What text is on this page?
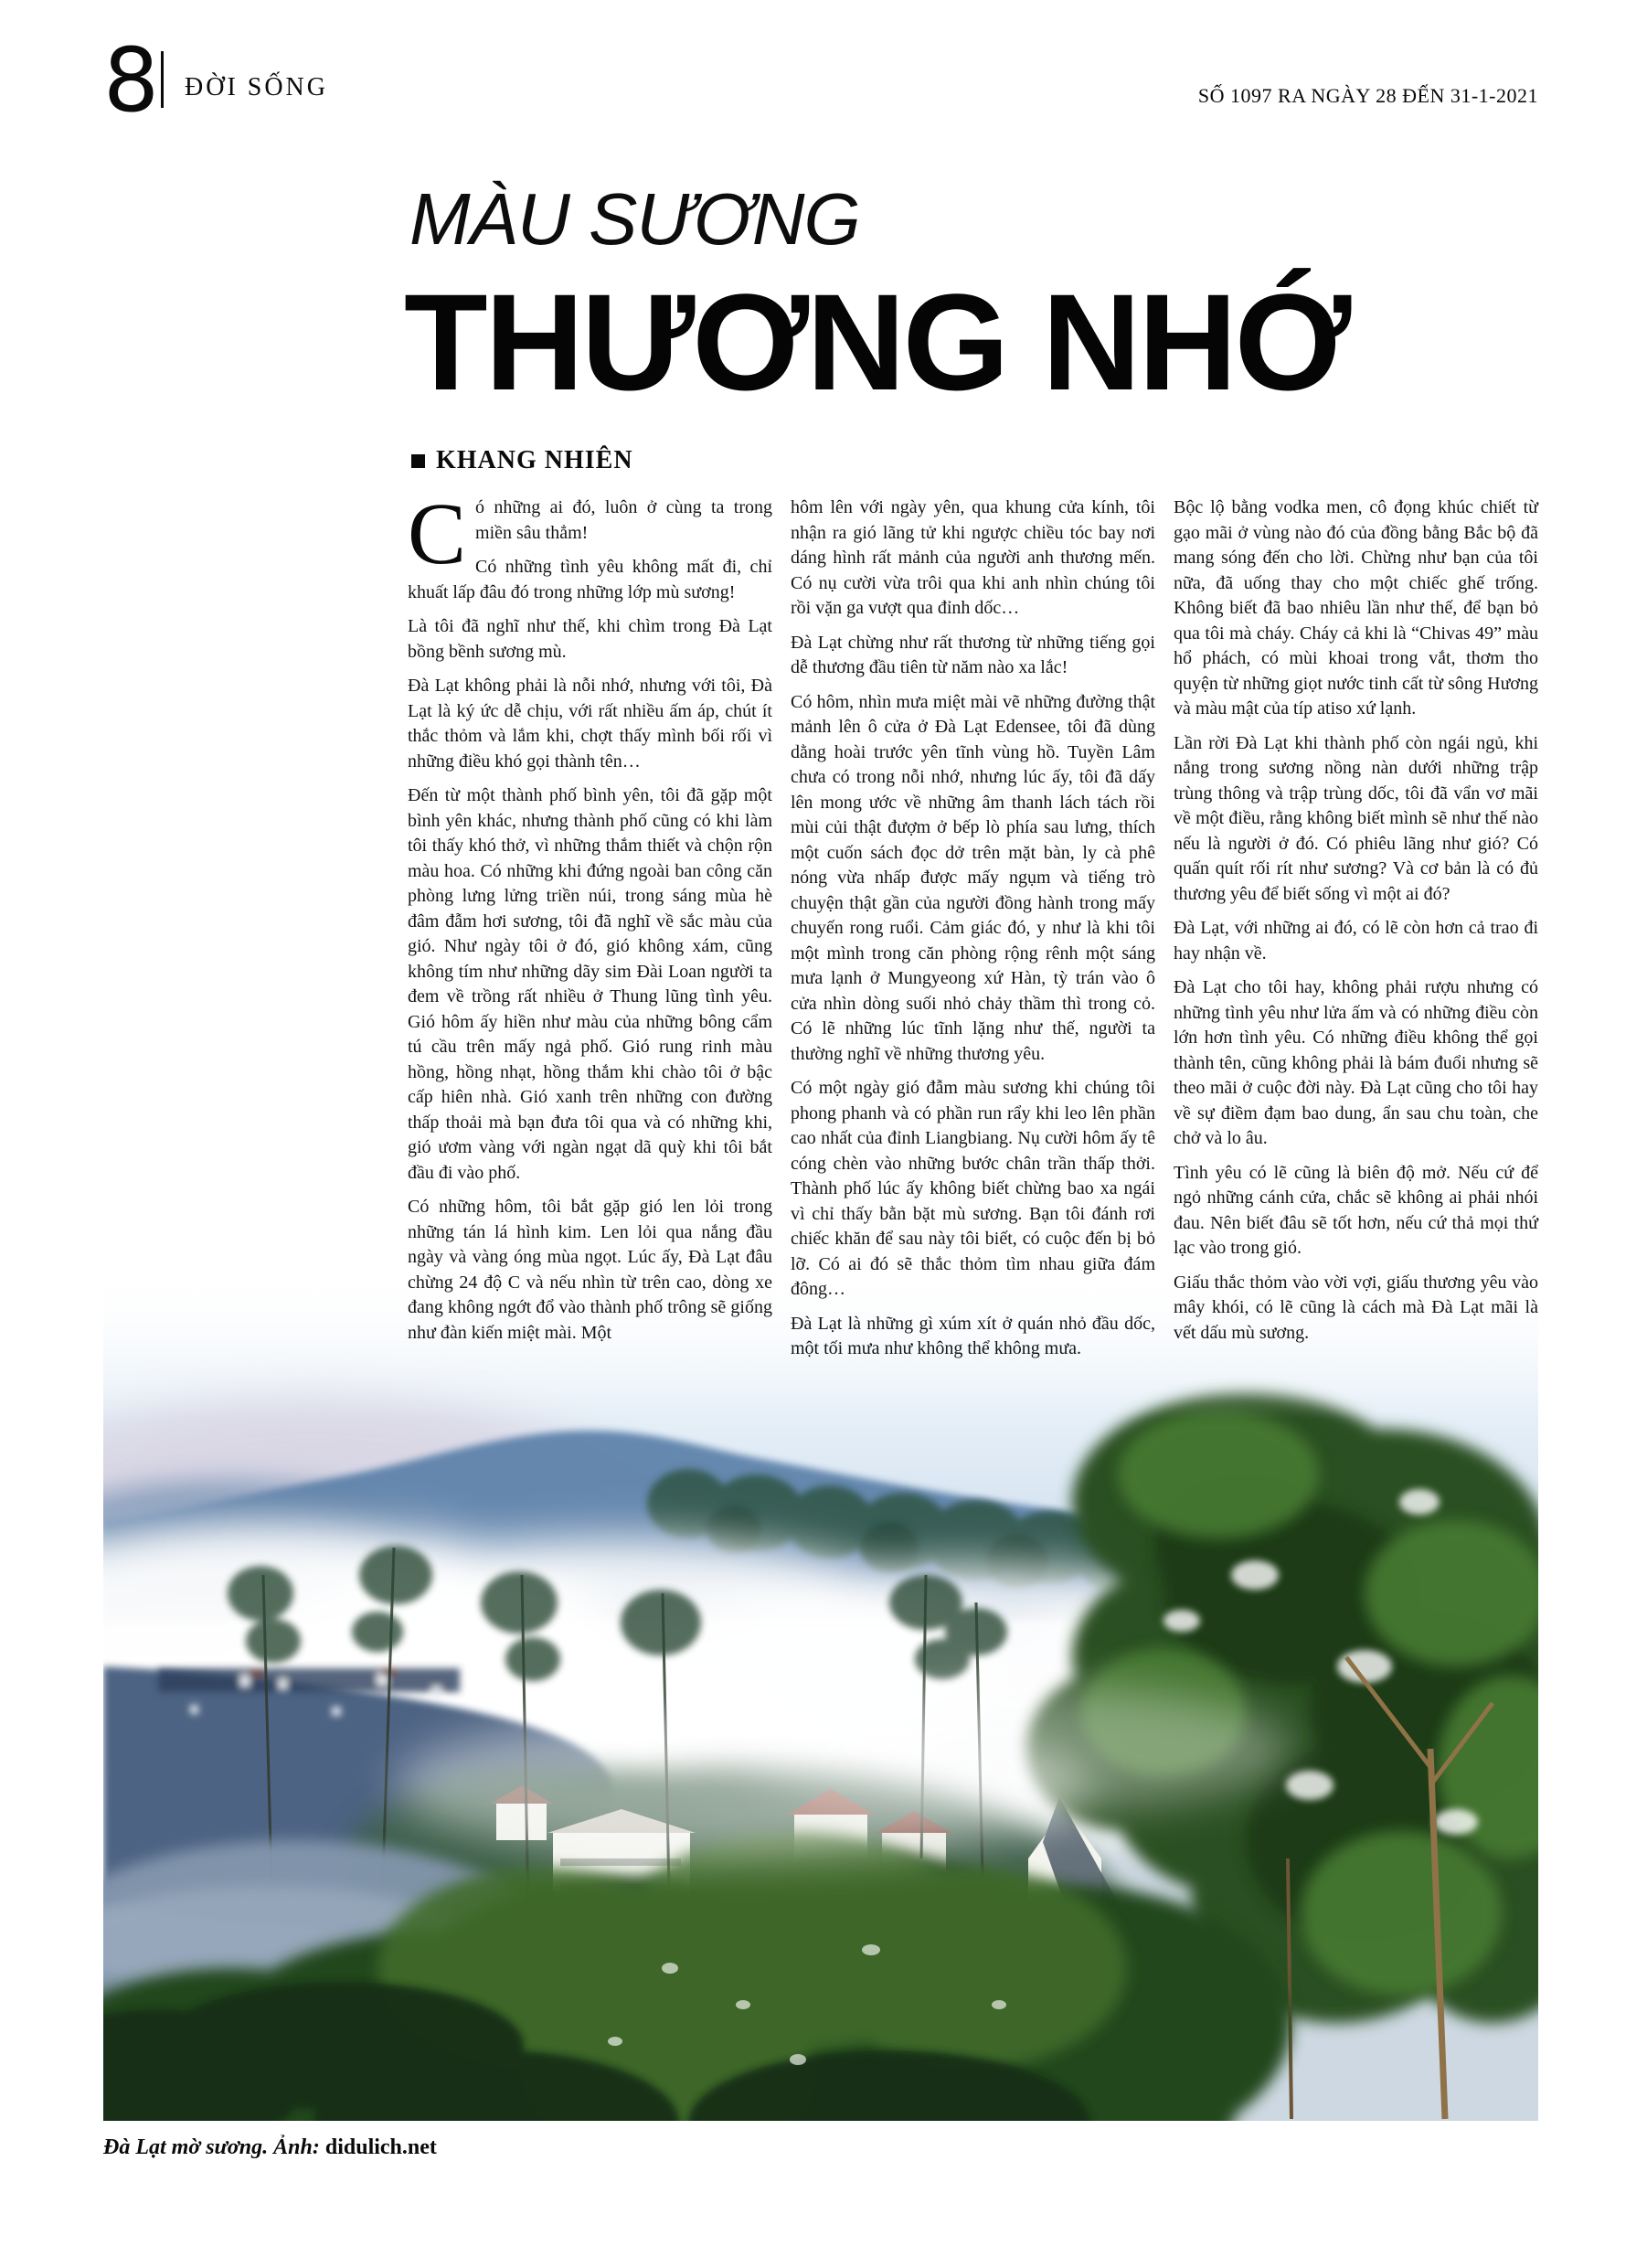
8 ĐỜI SỐNG	SỐ 1097 RA NGÀY 28 ĐẾN 31-1-2021
MÀU SƯƠNG
THƯƠNG NHỚ
KHANG NHIÊN

Có những ai đó, luôn ở cùng ta trong miền sâu thẳm!

Có những tình yêu không mất đi, chỉ khuất lấp đâu đó trong những lớp mù sương!

Là tôi đã nghĩ như thế, khi chìm trong Đà Lạt bồng bềnh sương mù.

Đà Lạt không phải là nỗi nhớ, nhưng với tôi, Đà Lạt là ký ức dễ chịu, với rất nhiều ấm áp, chút ít thắc thỏm và lắm khi, chợt thấy mình bối rối vì những điều khó gọi thành tên…

Đến từ một thành phố bình yên, tôi đã gặp một bình yên khác, nhưng thành phố cũng có khi làm tôi thấy khó thở, vì những thắm thiết và chộn rộn màu hoa. Có những khi đứng ngoài ban công căn phòng lưng lửng triền núi, trong sáng mùa hè đâm đẫm hơi sương, tôi đã nghĩ về sắc màu của gió. Như ngày tôi ở đó, gió không xám, cũng không tím như những dãy sim Đài Loan người ta đem về trồng rất nhiều ở Thung lũng tình yêu. Gió hôm ấy hiền như màu của những bông cẩm tú cầu trên mấy ngả phố. Gió rung rinh màu hồng, hồng nhạt, hồng thắm khi chào tôi ở bậc cấp hiên nhà. Gió xanh trên những con đường thấp thoải mà bạn đưa tôi qua và có những khi, gió ươm vàng với ngàn ngạt dã quỳ khi tôi bắt đầu đi vào phố.

Có những hôm, tôi bắt gặp gió len lỏi trong những tán lá hình kim. Len lỏi qua nắng đầu ngày và vàng óng mùa ngọt. Lúc ấy, Đà Lạt đâu chừng 24 độ C và nếu nhìn từ trên cao, dòng xe đang không ngớt đổ vào thành phố trông sẽ giống như đàn kiến miệt mài. Một

hôm lên với ngày yên, qua khung cửa kính, tôi nhận ra gió lãng tử khi ngược chiều tóc bay nơi dáng hình rất mảnh của người anh thương mến. Có nụ cười vừa trôi qua khi anh nhìn chúng tôi rồi vặn ga vượt qua đỉnh dốc…

Đà Lạt chừng như rất thương từ những tiếng gọi dễ thương đầu tiên từ năm nào xa lắc!

Có hôm, nhìn mưa miệt mài vẽ những đường thật mảnh lên ô cửa ở Đà Lạt Edensee, tôi đã dùng dằng hoài trước yên tĩnh vùng hồ. Tuyền Lâm chưa có trong nỗi nhớ, nhưng lúc ấy, tôi đã dấy lên mong ước về những âm thanh lách tách rồi mùi củi thật đượm ở bếp lò phía sau lưng, thích một cuốn sách đọc dở trên mặt bàn, ly cà phê nóng vừa nhấp được mấy ngụm và tiếng trò chuyện thật gần của người đồng hành trong mấy chuyến rong ruổi. Cảm giác đó, y như là khi tôi một mình trong căn phòng rộng rênh một sáng mưa lạnh ở Mungyeong xứ Hàn, tỳ trán vào ô cửa nhìn dòng suối nhỏ chảy thầm thì trong cỏ. Có lẽ những lúc tĩnh lặng như thế, người ta thường nghĩ về những thương yêu.

Có một ngày gió đẫm màu sương khi chúng tôi phong phanh và có phần run rẩy khi leo lên phần cao nhất của đỉnh Liangbiang. Nụ cười hôm ấy tê cóng chèn vào những bước chân trần thấp thởi. Thành phố lúc ấy không biết chừng bao xa ngái vì chỉ thấy bằn bặt mù sương. Bạn tôi đánh rơi chiếc khăn để sau này tôi biết, có cuộc đến bị bỏ lỡ. Có ai đó sẽ thắc thỏm tìm nhau giữa đám đông…

Đà Lạt là những gì xúm xít ở quán nhỏ đầu dốc, một tối mưa như không thể không mưa.

Bộc lộ bằng vodka men, cô đọng khúc chiết từ gạo mãi ở vùng nào đó của đồng bằng Bắc bộ đã mang sóng đến cho lời. Chừng như bạn của tôi nữa, đã uống thay cho một chiếc ghế trống. Không biết đã bao nhiêu lần như thế, để bạn bỏ qua tôi mà cháy. Cháy cả khi là “Chivas 49” màu hổ phách, có mùi khoai trong vắt, thơm tho quyện từ những giọt nước tinh cất từ sông Hương và màu mật của típ atiso xứ lạnh.

Lần rời Đà Lạt khi thành phố còn ngái ngủ, khi nắng trong sương nồng nàn dưới những trập trùng thông và trập trùng dốc, tôi đã vẩn vơ mãi về một điều, rằng không biết mình sẽ như thế nào nếu là người ở đó. Có phiêu lãng như gió? Có quấn quít rối rít như sương? Và cơ bản là có đủ thương yêu để biết sống vì một ai đó?

Đà Lạt, với những ai đó, có lẽ còn hơn cả trao đi hay nhận về.

Đà Lạt cho tôi hay, không phải rượu nhưng có những tình yêu như lửa ấm và có những điều còn lớn hơn tình yêu. Có những điều không thể gọi thành tên, cũng không phải là bám đuổi nhưng sẽ theo mãi ở cuộc đời này. Đà Lạt cũng cho tôi hay về sự điềm đạm bao dung, ẩn sau chu toàn, che chở và lo âu.

Tình yêu có lẽ cũng là biên độ mở. Nếu cứ để ngỏ những cánh cửa, chắc sẽ không ai phải nhói đau. Nên biết đâu sẽ tốt hơn, nếu cứ thả mọi thứ lạc vào trong gió.

Giấu thắc thỏm vào vời vợi, giấu thương yêu vào mây khói, có lẽ cũng là cách mà Đà Lạt mãi là vết dấu mù sương.

Đà Lạt mờ sương. Ảnh: didulich.net
